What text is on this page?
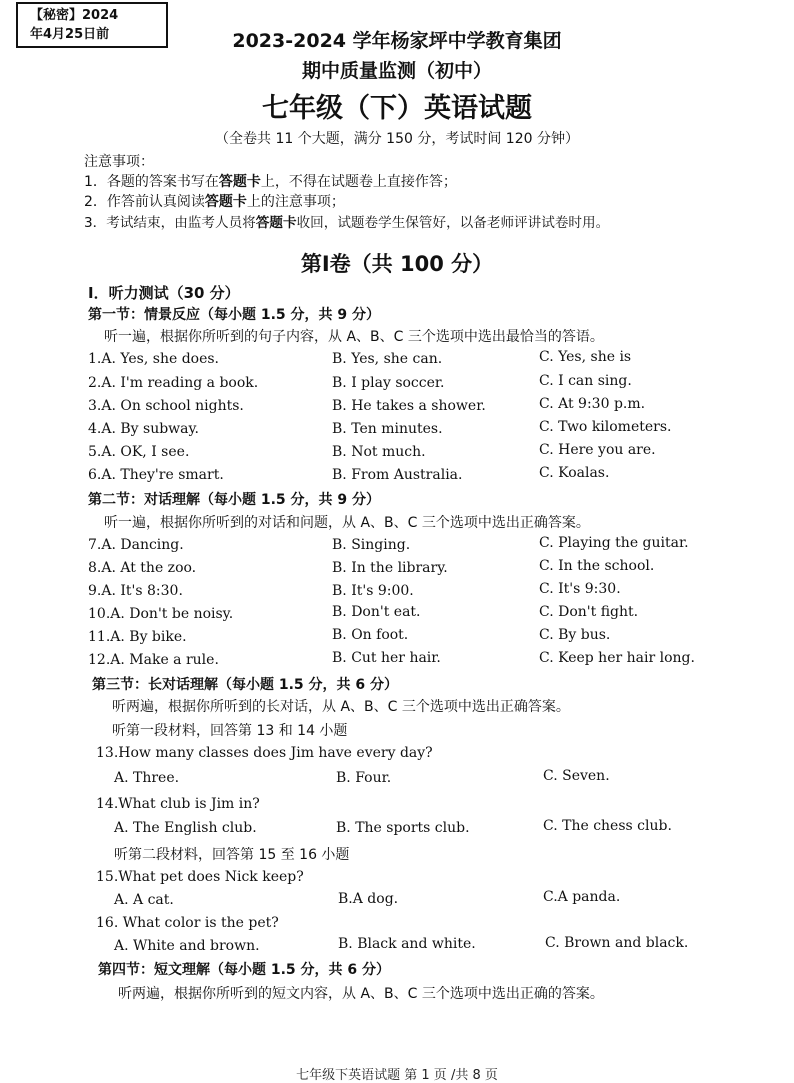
【秘密】2024
年4月25日前	2023-2024 学年杨家坪中学教育集团
期中质量监测（初中）
七年级（下）英语试题
（全卷共 11 个大题，满分 150 分，考试时间 120 分钟）
注意事项：
1．各题的答案书写在答题卡上，不得在试题卷上直接作答；
2．作答前认真阅读答题卡上的注意事项；
3．考试结束，由监考人员将答题卡收回，试题卷学生保管好，以备老师评讲试卷时用。
第Ⅰ卷（共 100 分）
Ⅰ．听力测试（30 分）
第一节：情景反应（每小题 1.5 分，共 9 分）
听一遍，根据你所听到的句子内容，从 A、B、C 三个选项中选出最恰当的答语。
1.A. Yes, she does.	B. Yes, she can.	C. Yes, she is
2.A. I'm reading a book.	B. I play soccer.	C. I can sing.
3.A. On school nights.	B. He takes a shower.	C. At 9:30 p.m.
4.A. By subway.	B. Ten minutes.	C. Two kilometers.
5.A. OK, I see.	B. Not much.	C. Here you are.
6.A. They're smart.	B. From Australia.	C. Koalas.
第二节：对话理解（每小题 1.5 分，共 9 分）
听一遍，根据你所听到的对话和问题，从 A、B、C 三个选项中选出正确答案。
7.A. Dancing.	B. Singing.	C. Playing the guitar.
8.A. At the zoo.	B. In the library.	C. In the school.
9.A. It's 8:30.	B. It's 9:00.	C. It's 9:30.
10.A. Don't be noisy.	B. Don't eat.	C. Don't fight.
11.A. By bike.	B. On foot.	C. By bus.
12.A. Make a rule.	B. Cut her hair.	C. Keep her hair long.
第三节：长对话理解（每小题 1.5 分，共 6 分）
听两遍，根据你所听到的长对话，从 A、B、C 三个选项中选出正确答案。
听第一段材料，回答第 13 和 14 小题
13.How many classes does Jim have every day?
A. Three.	B. Four.	C. Seven.
14.What club is Jim in?
A. The English club.	B. The sports club.	C. The chess club.
听第二段材料，回答第 15 至 16 小题
15.What pet does Nick keep?
A. A cat.	B.A dog.	C.A panda.
16. What color is the pet?
A. White and brown.	B. Black and white.	C. Brown and black.
第四节：短文理解（每小题 1.5 分，共 6 分）
听两遍，根据你所听到的短文内容，从 A、B、C 三个选项中选出正确的答案。
七年级下英语试题 第 1 页 /共 8 页
